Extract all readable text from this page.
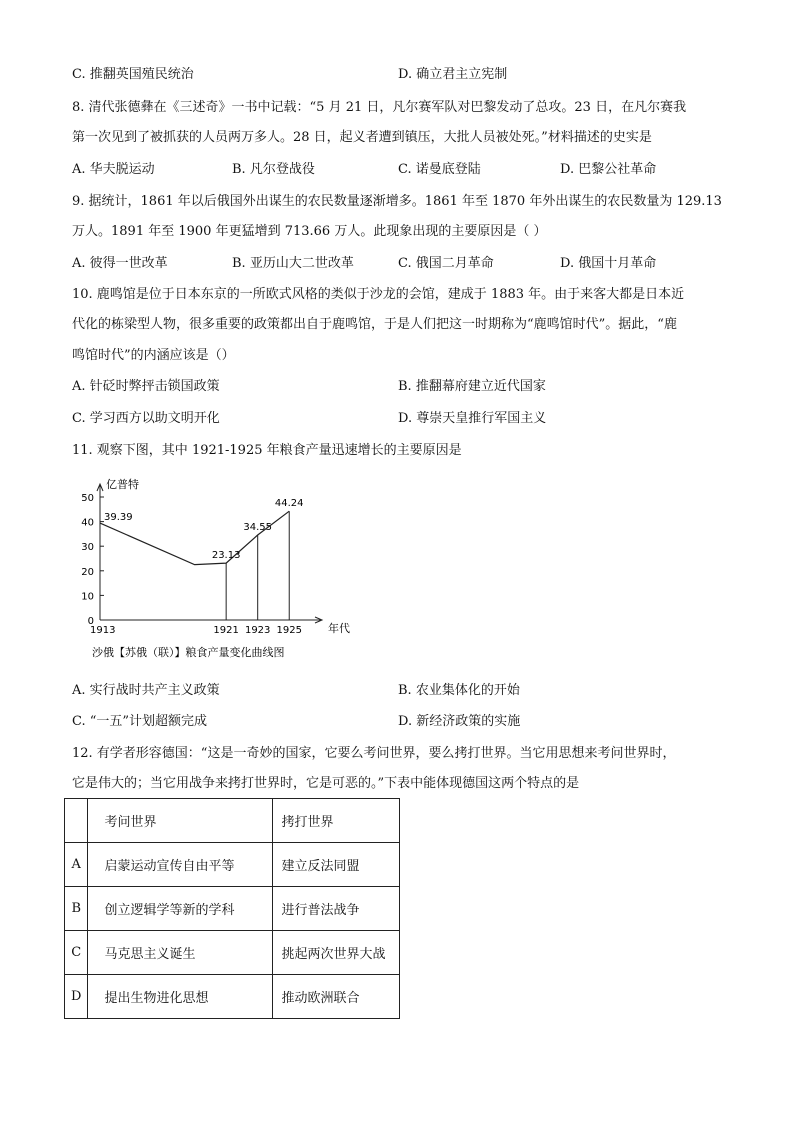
C. 推翻英国殖民统治	D. 确立君主立宪制
8. 清代张德彝在《三述奇》一书中记载：“5 月 21 日，凡尔赛军队对巴黎发动了总攻。23 日，在凡尔赛我
第一次见到了被抓获的人员两万多人。28 日，起义者遭到镇压，大批人员被处死。”材料描述的史实是
A. 华夫脱运动	B. 凡尔登战役	C. 诺曼底登陆	D. 巴黎公社革命
9. 据统计，1861 年以后俄国外出谋生的农民数量逐渐增多。1861 年至 1870 年外出谋生的农民数量为 129.13
万人。1891 年至 1900 年更猛增到 713.66 万人。此现象出现的主要原因是（ ）
A. 彼得一世改革	B. 亚历山大二世改革	C. 俄国二月革命	D. 俄国十月革命
10. 鹿鸣馆是位于日本东京的一所欧式风格的类似于沙龙的会馆，建成于 1883 年。由于来客大都是日本近
代化的栋梁型人物，很多重要的政策都出自于鹿鸣馆，于是人们把这一时期称为“鹿鸣馆时代”。据此，“鹿
鸣馆时代”的内涵应该是（）
A. 针砭时弊抨击锁国政策	B. 推翻幕府建立近代国家
C. 学习西方以助文明开化	D. 尊崇天皇推行军国主义
11. 观察下图，其中 1921-1925 年粮食产量迅速增长的主要原因是
0
10
20
30
40
50
1913	1921 1923 1925
39.39
23.13
34.55
44.24
亿普特
年代
沙俄【苏俄（联）】粮食产量变化曲线图
A. 实行战时共产主义政策	B. 农业集体化的开始
C. “一五”计划超额完成	D. 新经济政策的实施
12. 有学者形容德国：“这是一奇妙的国家，它要么考问世界，要么拷打世界。当它用思想来考问世界时，
它是伟大的；当它用战争来拷打世界时，它是可恶的。”下表中能体现德国这两个特点的是
	考问世界	拷打世界
A	启蒙运动宣传自由平等	建立反法同盟
B	创立逻辑学等新的学科	进行普法战争
C	马克思主义诞生	挑起两次世界大战
D	提出生物进化思想	推动欧洲联合
